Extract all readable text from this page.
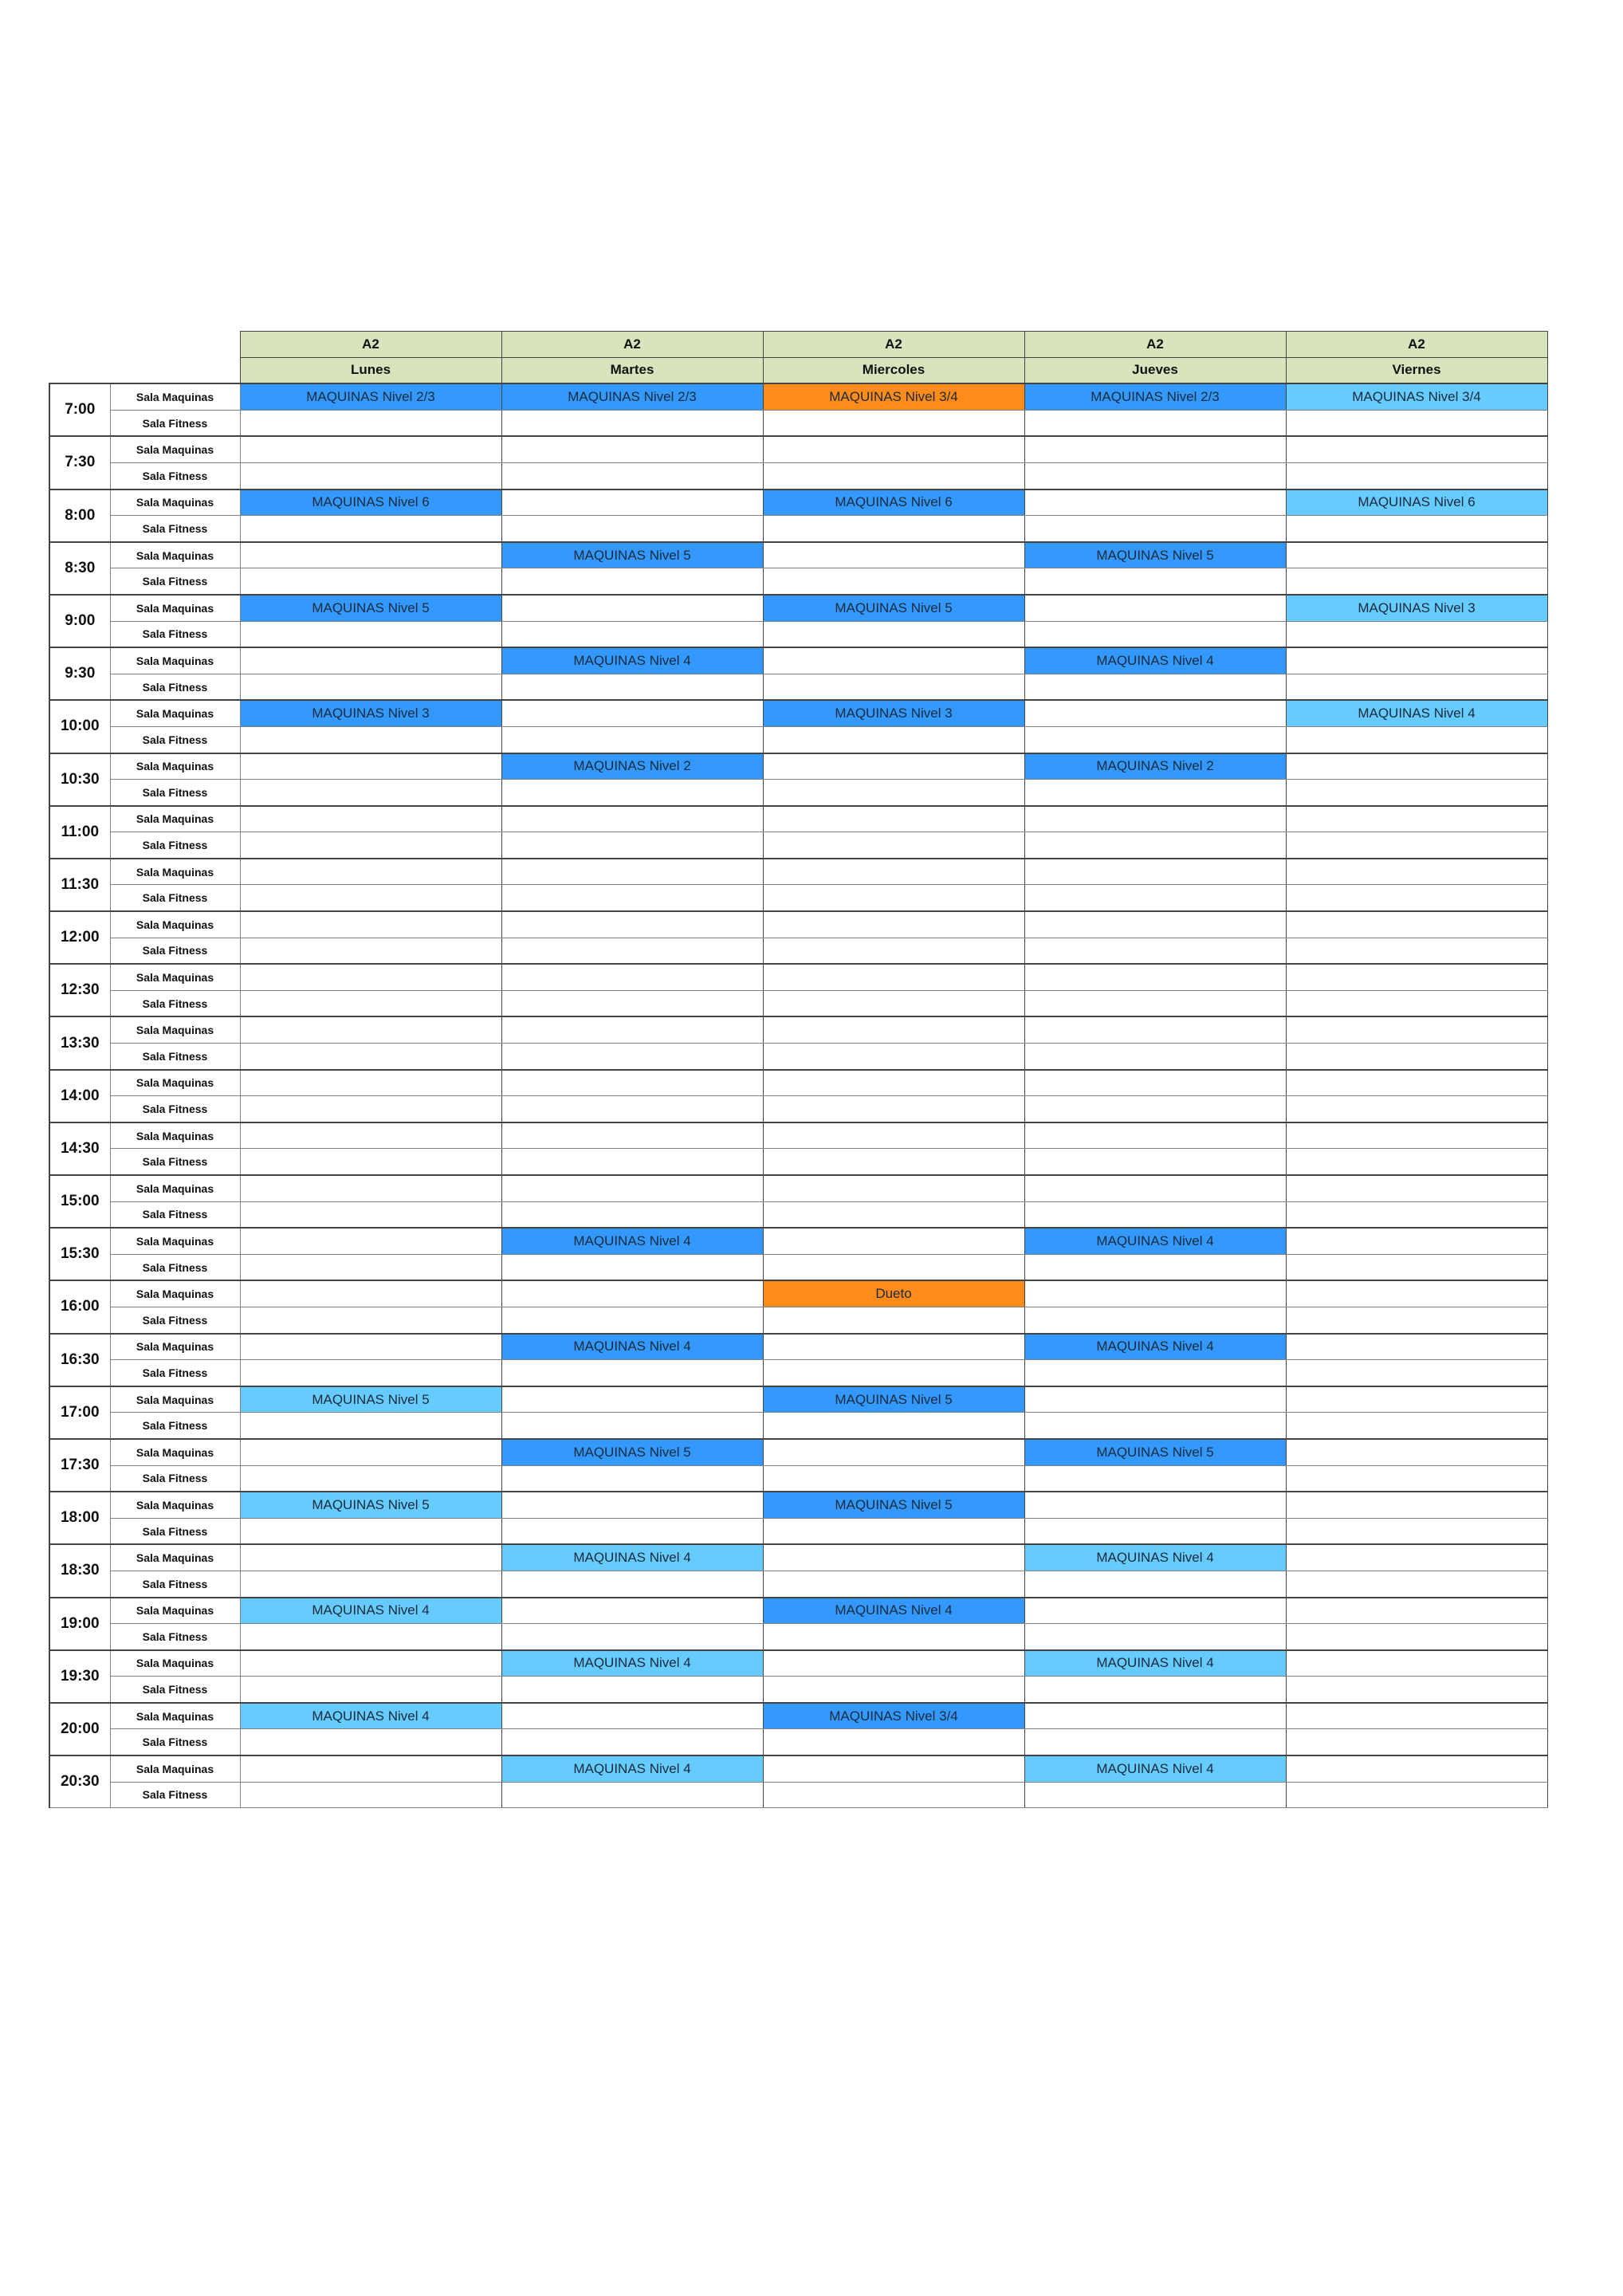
		A2	A2	A2	A2	A2
		Lunes	Martes	Miercoles	Jueves	Viernes
7:00	Sala Maquinas	MAQUINAS Nivel 2/3	MAQUINAS Nivel 2/3	MAQUINAS Nivel 3/4	MAQUINAS Nivel 2/3	MAQUINAS Nivel 3/4
	Sala Fitness					
7:30	Sala Maquinas					
	Sala Fitness					
8:00	Sala Maquinas	MAQUINAS Nivel 6		MAQUINAS Nivel 6		MAQUINAS Nivel 6
	Sala Fitness					
8:30	Sala Maquinas		MAQUINAS Nivel 5		MAQUINAS Nivel 5	
	Sala Fitness					
9:00	Sala Maquinas	MAQUINAS Nivel 5		MAQUINAS Nivel 5		MAQUINAS Nivel 3
	Sala Fitness					
9:30	Sala Maquinas		MAQUINAS Nivel 4		MAQUINAS Nivel 4	
	Sala Fitness					
10:00	Sala Maquinas	MAQUINAS Nivel 3		MAQUINAS Nivel 3		MAQUINAS Nivel 4
	Sala Fitness					
10:30	Sala Maquinas		MAQUINAS Nivel 2		MAQUINAS Nivel 2	
	Sala Fitness					
11:00	Sala Maquinas					
	Sala Fitness					
11:30	Sala Maquinas					
	Sala Fitness					
12:00	Sala Maquinas					
	Sala Fitness					
12:30	Sala Maquinas					
	Sala Fitness					
13:30	Sala Maquinas					
	Sala Fitness					
14:00	Sala Maquinas					
	Sala Fitness					
14:30	Sala Maquinas					
	Sala Fitness					
15:00	Sala Maquinas					
	Sala Fitness					
15:30	Sala Maquinas		MAQUINAS Nivel 4		MAQUINAS Nivel 4	
	Sala Fitness					
16:00	Sala Maquinas			Dueto		
	Sala Fitness					
16:30	Sala Maquinas		MAQUINAS Nivel 4		MAQUINAS Nivel 4	
	Sala Fitness					
17:00	Sala Maquinas	MAQUINAS Nivel 5		MAQUINAS Nivel 5		
	Sala Fitness					
17:30	Sala Maquinas		MAQUINAS Nivel 5		MAQUINAS Nivel 5	
	Sala Fitness					
18:00	Sala Maquinas	MAQUINAS Nivel 5		MAQUINAS Nivel 5		
	Sala Fitness					
18:30	Sala Maquinas		MAQUINAS Nivel 4		MAQUINAS Nivel 4	
	Sala Fitness					
19:00	Sala Maquinas	MAQUINAS Nivel 4		MAQUINAS Nivel 4		
	Sala Fitness					
19:30	Sala Maquinas		MAQUINAS Nivel 4		MAQUINAS Nivel 4	
	Sala Fitness					
20:00	Sala Maquinas	MAQUINAS Nivel 4		MAQUINAS Nivel 3/4		
	Sala Fitness					
20:30	Sala Maquinas		MAQUINAS Nivel 4		MAQUINAS Nivel 4	
	Sala Fitness					
